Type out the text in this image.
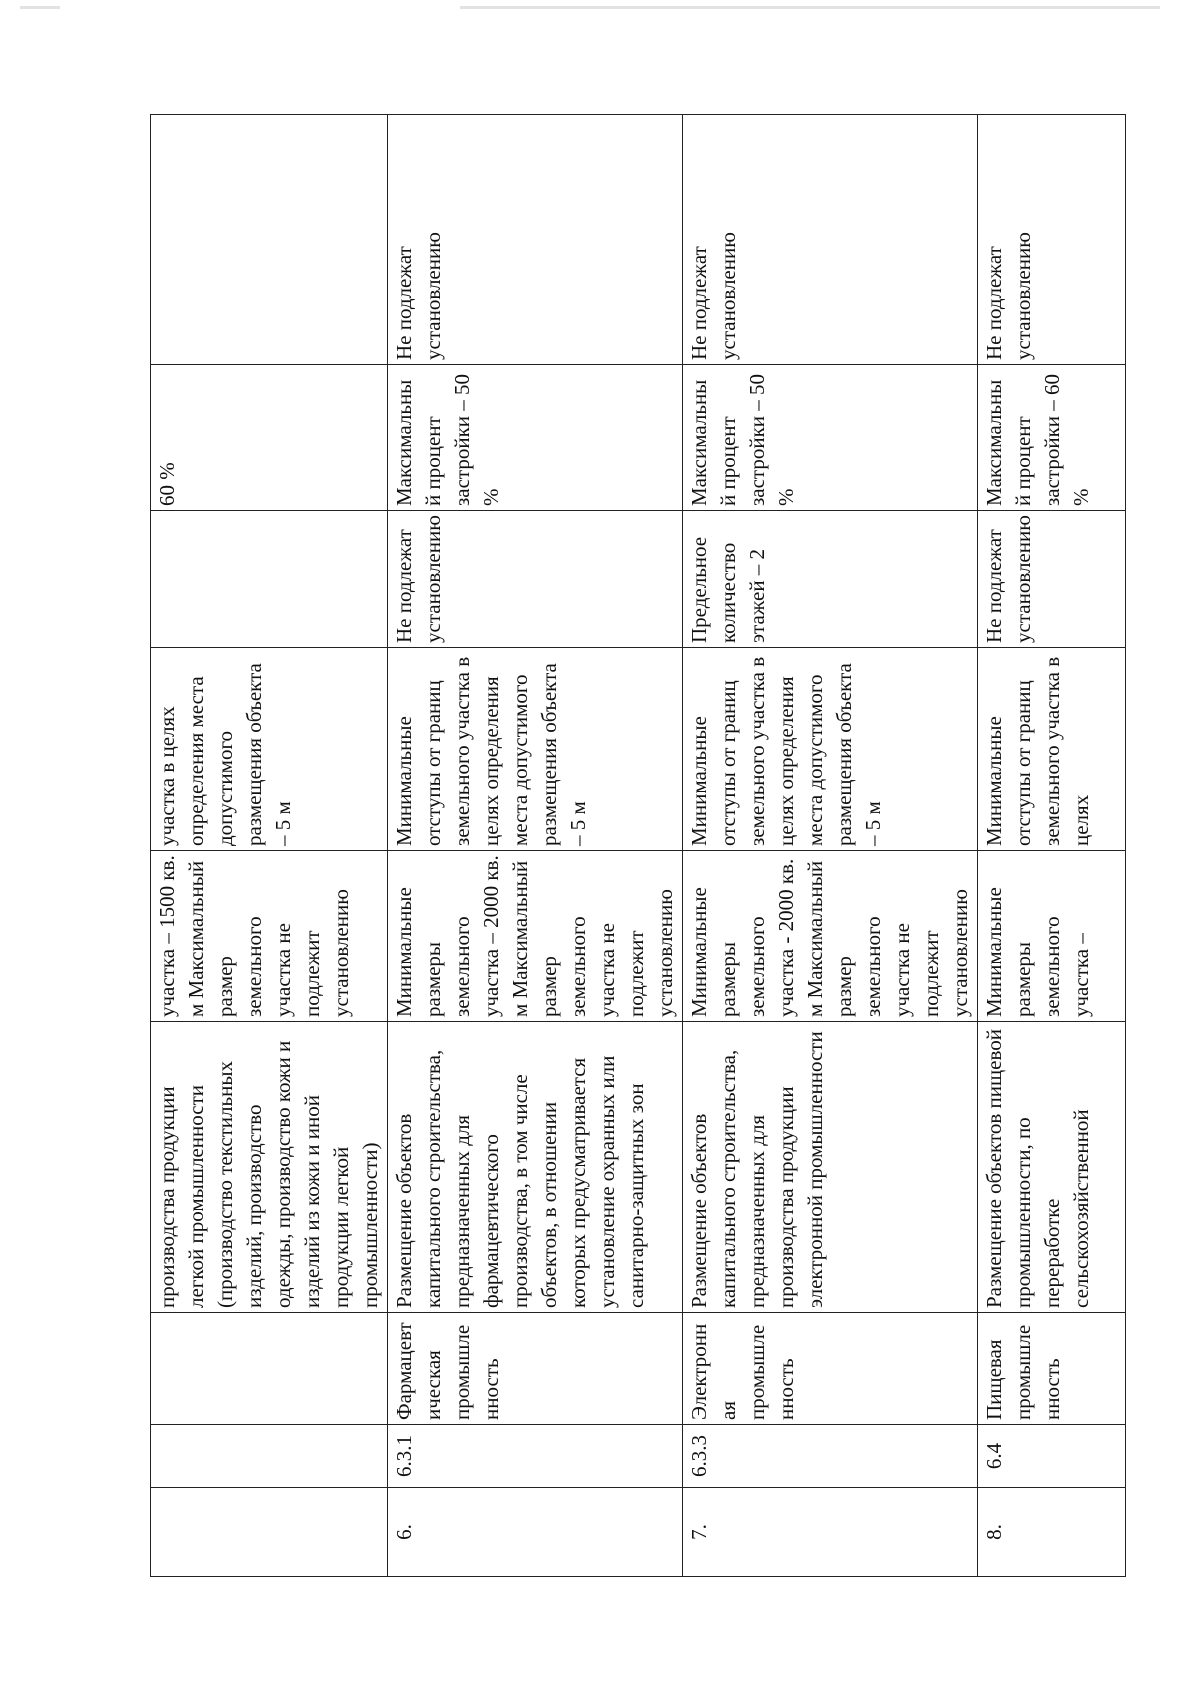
			производства продукции легкой промышленности (производство текстильных изделий, производство одежды, производство кожи и изделий из кожи и иной продукции легкой промышленности)	участка – 1500 кв. м Максимальный размер земельного участка не подлежит установлению	участка в целях определения места допустимого размещения объекта – 5 м		60 %	
6.	6.3.1	Фармацевтическая промышленность	Размещение объектов капитального строительства, предназначенных для фармацевтического производства, в том числе объектов, в отношении которых предусматривается установление охранных или санитарно-защитных зон	Минимальные размеры земельного участка – 2000 кв. м Максимальный размер земельного участка не подлежит установлению	Минимальные отступы от границ земельного участка в целях определения места допустимого размещения объекта – 5 м	Не подлежат установлению	Максимальный процент застройки – 50 %	Не подлежат установлению
7.	6.3.3	Электронная промышленность	Размещение объектов капитального строительства, предназначенных для производства продукции электронной промышленности	Минимальные размеры земельного участка - 2000 кв. м Максимальный размер земельного участка не подлежит установлению	Минимальные отступы от границ земельного участка в целях определения места допустимого размещения объекта – 5 м	Предельное количество этажей – 2	Максимальный процент застройки – 50 %	Не подлежат установлению
8.	6.4	Пищевая промышленность	Размещение объектов пищевой промышленности, по переработке сельскохозяйственной	Минимальные размеры земельного участка –	Минимальные отступы от границ земельного участка в целях	Не подлежат установлению	Максимальный процент застройки – 60 %	Не подлежат установлению
